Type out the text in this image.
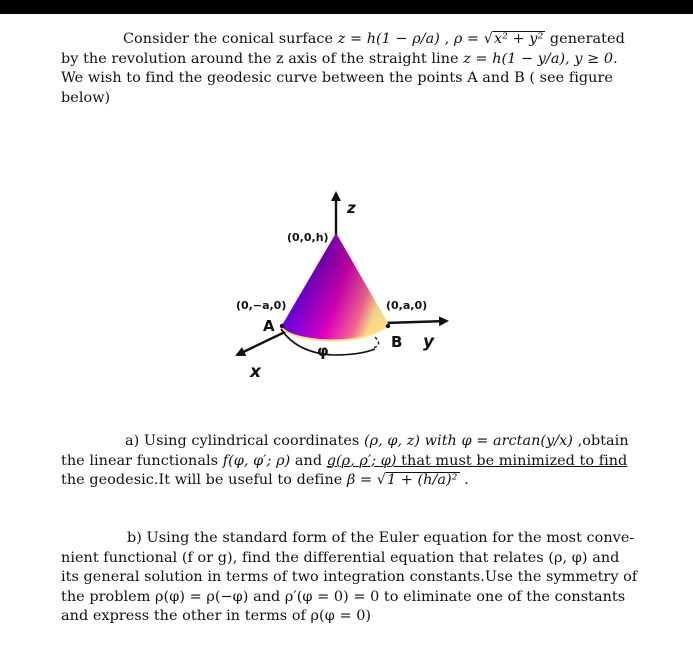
Consider the conical surface z = h(1 − ρ/a) , ρ = √x² + y² generated
by the revolution around the z axis of the straight line z = h(1 − y/a), y ≥ 0.
We wish to find the geodesic curve between the points A and B ( see figure
below)
z
(0,0,h)
(0,−a,0)	(0,a,0)
A
B y
φ
x
a) Using cylindrical coordinates (ρ, φ, z) with φ = arctan(y/x) ,obtain
the linear functionals f(φ, φ′; ρ) and g(ρ, ρ′; φ) that must be minimized to find
the geodesic.It will be useful to define β = √1 + (h/a)² .
b) Using the standard form of the Euler equation for the most conve-
nient functional (f or g), find the differential equation that relates (ρ, φ) and
its general solution in terms of two integration constants.Use the symmetry of
the problem ρ(φ) = ρ(−φ) and ρ′(φ = 0) = 0 to eliminate one of the constants
and express the other in terms of ρ(φ = 0)
